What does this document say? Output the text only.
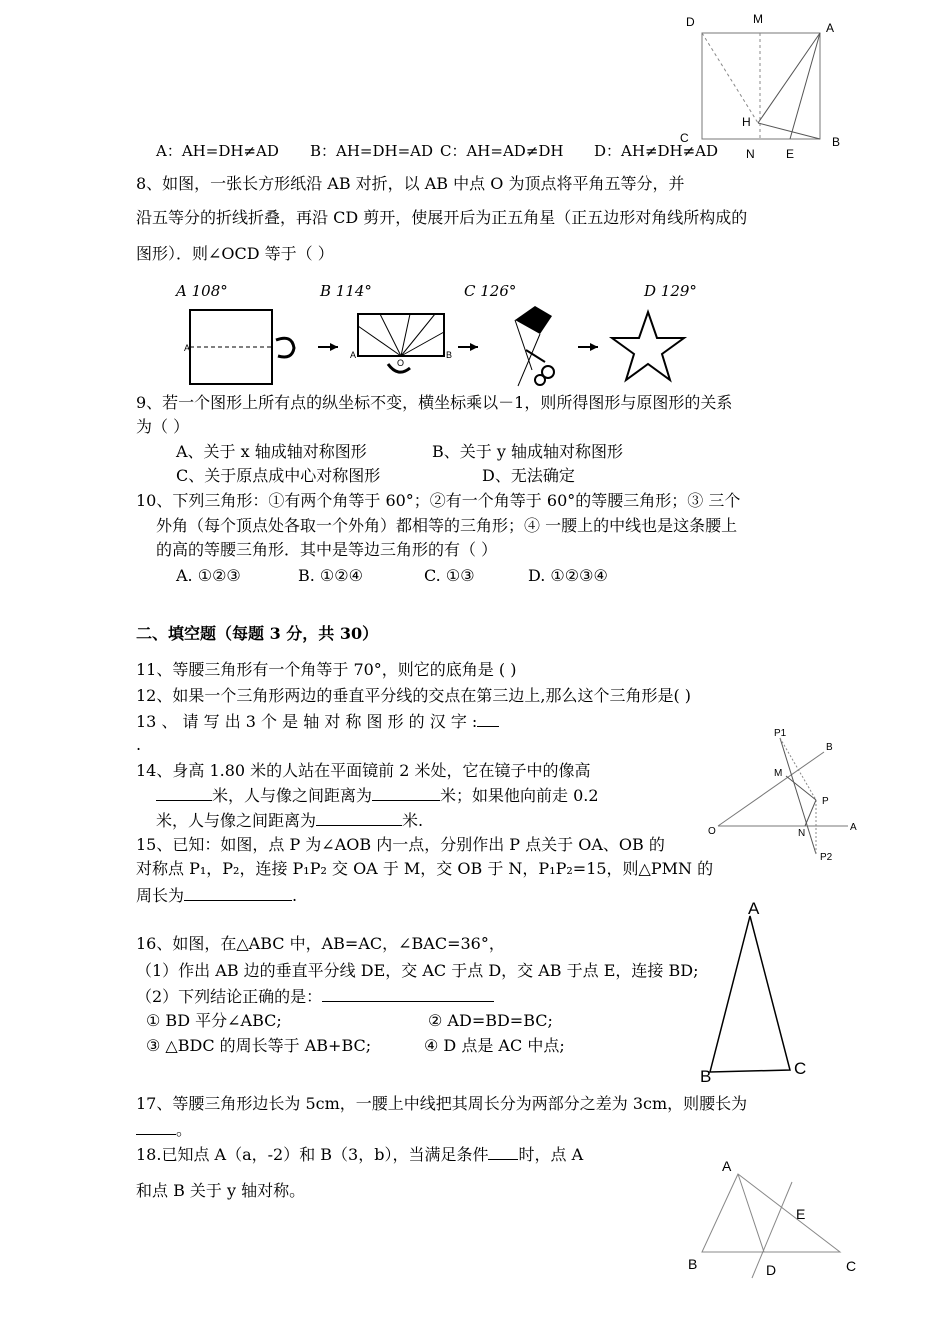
D	M
A
H
C
N	E
B
A：AH=DH≠AD B：AH=DH=AD C：AH=AD≠DH D：AH≠DH≠AD
8、如图，一张长方形纸沿 AB 对折，以 AB 中点 O 为顶点将平角五等分，并
沿五等分的折线折叠，再沿 CD 剪开，使展开后为正五角星（正五边形对角线所构成的
图形）．则∠OCD 等于（ ）
A 108°	B 114°	C 126°	D 129°
A
A
O
B
9、若一个图形上所有点的纵坐标不变，横坐标乘以－1，则所得图形与原图形的关系
为（ ）
A、关于 x 轴成轴对称图形	B、关于 y 轴成轴对称图形
C、关于原点成中心对称图形	D、无法确定
10、下列三角形：①有两个角等于 60°；②有一个角等于 60°的等腰三角形；③ 三个
外角（每个顶点处各取一个外角）都相等的三角形；④ 一腰上的中线也是这条腰上
的高的等腰三角形．其中是等边三角形的有（ ）
A. ①②③	B. ①②④	C. ①③	D. ①②③④
二、填空题（每题 3 分，共 30）
11、等腰三角形有一个角等于 70°，则它的底角是 ( )
12、如果一个三角形两边的垂直平分线的交点在第三边上,那么这个三角形是( )
13 、 请 写 出 3 个 是 轴 对 称 图 形 的 汉 字 :
.
14、身高 1.80 米的人站在平面镜前 2 米处，它在镜子中的像高
米，人与像之间距离为	米；如果他向前走 0.2
米，人与像之间距离为	米.
15、已知：如图，点 P 为∠AOB 内一点，分别作出 P 点关于 OA、OB 的
对称点 P₁，P₂，连接 P₁P₂ 交 OA 于 M，交 OB 于 N，P₁P₂=15，则△PMN 的
周长为	.
P1
B
M
P
O	N
A
P2
16、如图，在△ABC 中，AB=AC，∠BAC=36°，
（1）作出 AB 边的垂直平分线 DE，交 AC 于点 D，交 AB 于点 E，连接 BD;
（2）下列结论正确的是：
① BD 平分∠ABC;	② AD=BD=BC;
③ △BDC 的周长等于 AB+BC;	④ D 点是 AC 中点;
A
B	C
17、等腰三角形边长为 5cm，一腰上中线把其周长分为两部分之差为 3cm，则腰长为
。
18.已知点 A（a，-2）和 B（3，b），当满足条件 时，点 A
和点 B 关于 y 轴对称。
A
E
B	D	C
